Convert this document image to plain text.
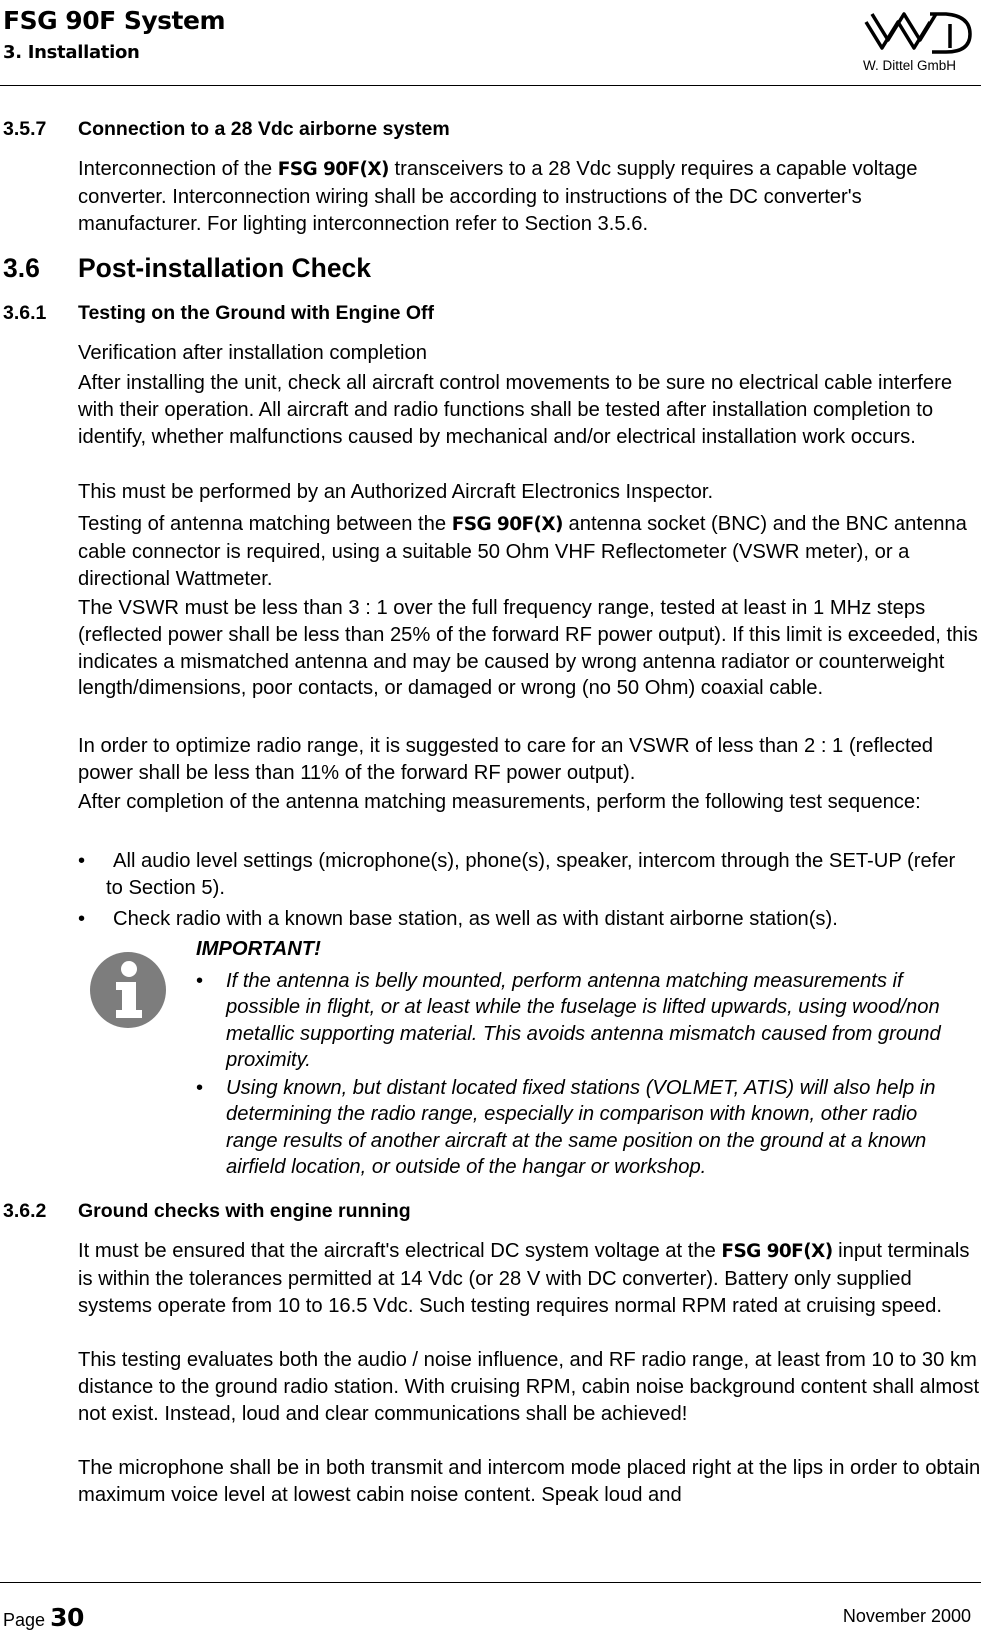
FSG 90F System
3. Installation
W. Dittel GmbH
3.5.7 Connection to a 28 Vdc airborne system
Interconnection of the FSG 90F(X) transceivers to a 28 Vdc supply requires a capable voltage converter. Interconnection wiring shall be according to instructions of the DC converter's manufacturer. For lighting interconnection refer to Section 3.5.6.
3.6 Post-installation Check
3.6.1 Testing on the Ground with Engine Off
Verification after installation completion
After installing the unit, check all aircraft control movements to be sure no electrical cable interfere with their operation. All aircraft and radio functions shall be tested after installation completion to identify, whether malfunctions caused by mechanical and/or electrical installation work occurs.
This must be performed by an Authorized Aircraft Electronics Inspector.
Testing of antenna matching between the FSG 90F(X) antenna socket (BNC) and the BNC antenna cable connector is required, using a suitable 50 Ohm VHF Reflectometer (VSWR meter), or a directional Wattmeter.
The VSWR must be less than 3 : 1 over the full frequency range, tested at least in 1 MHz steps (reflected power shall be less than 25% of the forward RF power output). If this limit is exceeded, this indicates a mismatched antenna and may be caused by wrong antenna radiator or counterweight length/dimensions, poor contacts, or damaged or wrong (no 50 Ohm) coaxial cable.
In order to optimize radio range, it is suggested to care for an VSWR of less than 2 : 1 (reflected power shall be less than 11% of the forward RF power output).
After completion of the antenna matching measurements, perform the following test sequence:
•	All audio level settings (microphone(s), phone(s), speaker, intercom through the SET-UP (refer to Section 5).
•	Check radio with a known base station, as well as with distant airborne station(s).
IMPORTANT!
•	If the antenna is belly mounted, perform antenna matching measurements if possible in flight, or at least while the fuselage is lifted upwards, using wood/non metallic supporting material. This avoids antenna mismatch caused from ground proximity.
•	Using known, but distant located fixed stations (VOLMET, ATIS) will also help in determining the radio range, especially in comparison with known, other radio range results of another aircraft at the same position on the ground at a known airfield location, or outside of the hangar or workshop.
3.6.2 Ground checks with engine running
It must be ensured that the aircraft's electrical DC system voltage at the FSG 90F(X) input terminals is within the tolerances permitted at 14 Vdc (or 28 V with DC converter). Battery only supplied systems operate from 10 to 16.5 Vdc. Such testing requires normal RPM rated at cruising speed.
This testing evaluates both the audio / noise influence, and RF radio range, at least from 10 to 30 km distance to the ground radio station. With cruising RPM, cabin noise background content shall almost not exist. Instead, loud and clear communications shall be achieved!
The microphone shall be in both transmit and intercom mode placed right at the lips in order to obtain maximum voice level at lowest cabin noise content. Speak loud and
Page 30	November 2000
